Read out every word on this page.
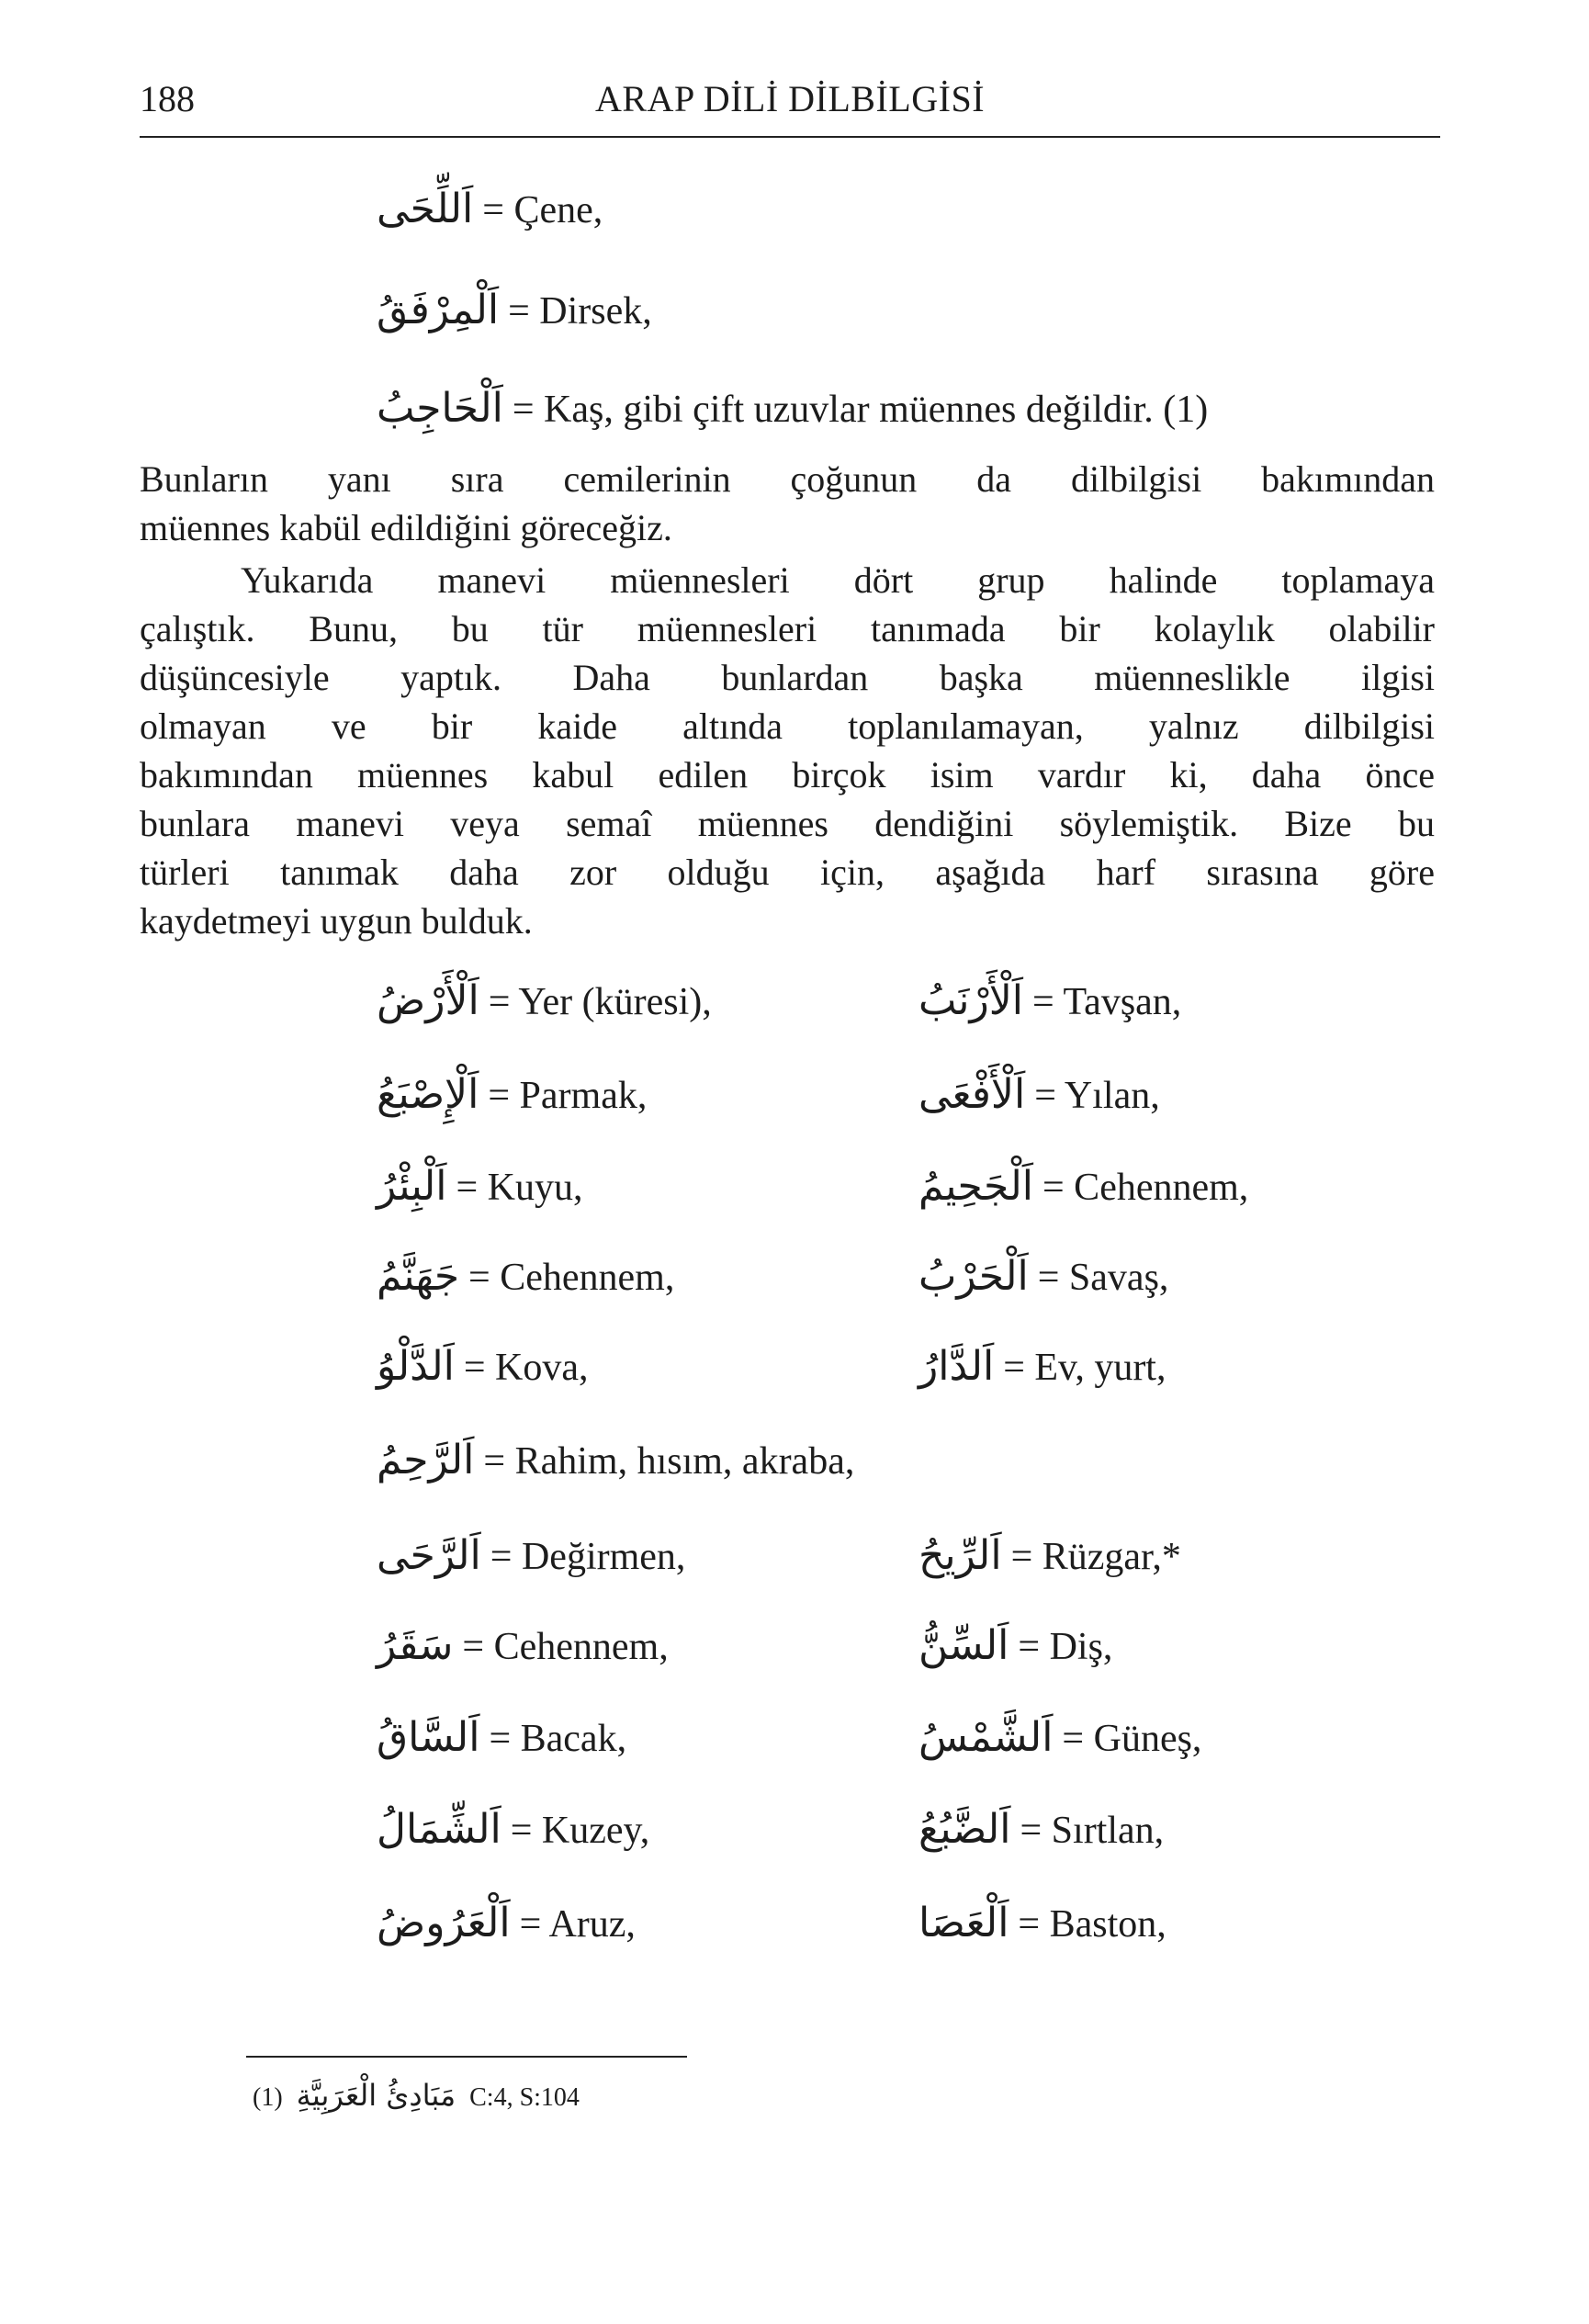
188	ARAP DİLİ DİLBİLGİSİ
اَللِّحَى = Çene,
اَلْمِرْفَقُ = Dirsek,
اَلْحَاجِبُ = Kaş, gibi çift uzuvlar müennes değildir. (1)
Bunların yanı sıra cemilerinin çoğunun da dilbilgisi bakımından
müennes kabül edildiğini göreceğiz.
Yukarıda manevi müennesleri dört grup halinde toplamaya
çalıştık. Bunu, bu tür müennesleri tanımada bir kolaylık olabilir
düşüncesiyle yaptık. Daha bunlardan başka müenneslikle ilgisi
olmayan ve bir kaide altında toplanılamayan, yalnız dilbilgisi
bakımından müennes kabul edilen birçok isim vardır ki, daha önce
bunlara manevi veya semaî müennes dendiğini söylemiştik. Bize bu
türleri tanımak daha zor olduğu için, aşağıda harf sırasına göre
kaydetmeyi uygun bulduk.
اَلْأَرْضُ = Yer (küresi),	اَلْأَرْنَبُ = Tavşan,
اَلْإِصْبَعُ = Parmak,	اَلْأَفْعَى = Yılan,
اَلْبِئْرُ = Kuyu,	اَلْجَحِيمُ = Cehennem,
جَهَنَّمُ = Cehennem,	اَلْحَرْبُ = Savaş,
اَلدَّلْوُ = Kova,	اَلدَّارُ = Ev, yurt,
اَلرَّحِمُ = Rahim, hısım, akraba,
اَلرَّحَى = Değirmen,	اَلرِّيحُ = Rüzgar,*
سَقَرُ = Cehennem,	اَلسِّنُّ = Diş,
اَلسَّاقُ = Bacak,	اَلشَّمْسُ = Güneş,
اَلشِّمَالُ = Kuzey,	اَلضَّبُعُ = Sırtlan,
اَلْعَرُوضُ = Aruz,	اَلْعَصَا = Baston,
(1) مَبَادِئُ الْعَرَبِيَّةِ C:4, S:104
